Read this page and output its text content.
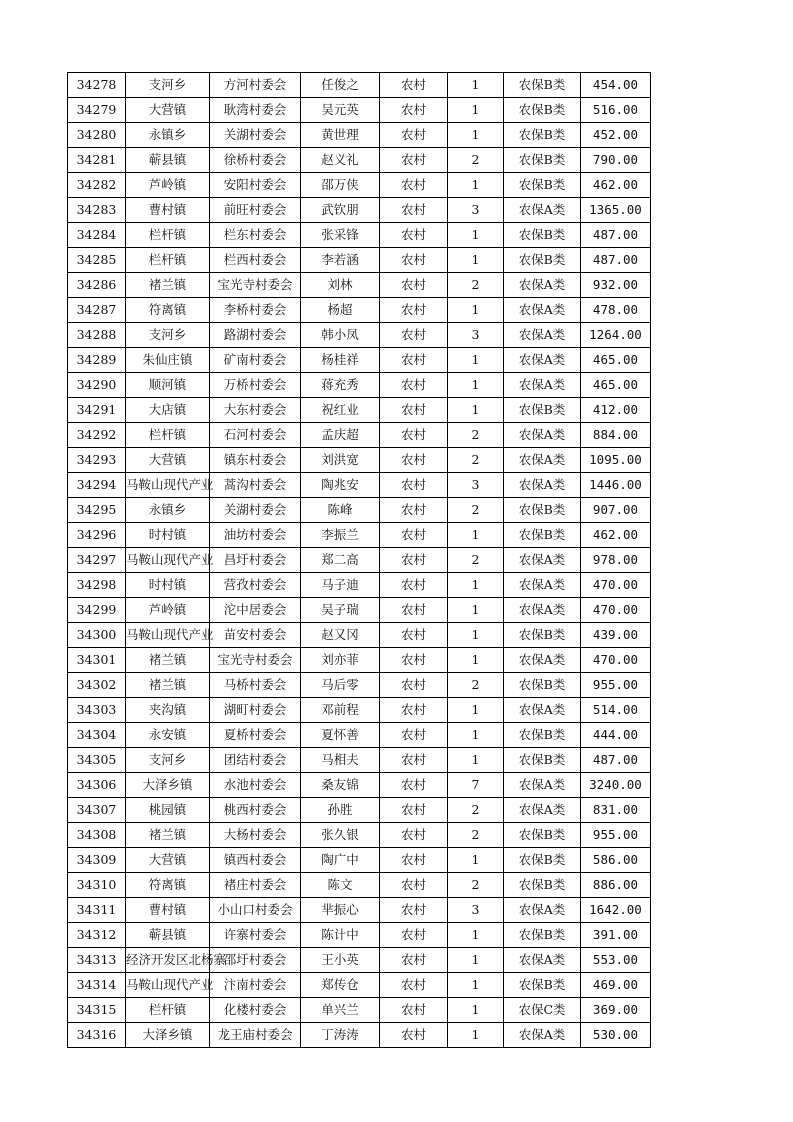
34278	支河乡	方河村委会	任俊之	农村	1	农保B类	454.00
34279	大营镇	耿湾村委会	吴元英	农村	1	农保B类	516.00
34280	永镇乡	关湖村委会	黄世理	农村	1	农保B类	452.00
34281	蕲县镇	徐桥村委会	赵义礼	农村	2	农保B类	790.00
34282	芦岭镇	安阳村委会	邵万侠	农村	1	农保B类	462.00
34283	曹村镇	前旺村委会	武钦朋	农村	3	农保A类	1365.00
34284	栏杆镇	栏东村委会	张采锋	农村	1	农保B类	487.00
34285	栏杆镇	栏西村委会	李若涵	农村	1	农保B类	487.00
34286	褚兰镇	宝光寺村委会	刘林	农村	2	农保A类	932.00
34287	符离镇	李桥村委会	杨超	农村	1	农保A类	478.00
34288	支河乡	路湖村委会	韩小凤	农村	3	农保A类	1264.00
34289	朱仙庄镇	矿南村委会	杨桂祥	农村	1	农保A类	465.00
34290	顺河镇	万桥村委会	蒋充秀	农村	1	农保A类	465.00
34291	大店镇	大东村委会	祝红业	农村	1	农保B类	412.00
34292	栏杆镇	石河村委会	孟庆超	农村	2	农保A类	884.00
34293	大营镇	镇东村委会	刘洪宽	农村	2	农保A类	1095.00
34294	马鞍山现代产业	蒿沟村委会	陶兆安	农村	3	农保A类	1446.00
34295	永镇乡	关湖村委会	陈峰	农村	2	农保B类	907.00
34296	时村镇	油坊村委会	李振兰	农村	1	农保B类	462.00
34297	马鞍山现代产业	昌圩村委会	郑二高	农村	2	农保A类	978.00
34298	时村镇	营孜村委会	马子迪	农村	1	农保A类	470.00
34299	芦岭镇	沱中居委会	吴子瑞	农村	1	农保A类	470.00
34300	马鞍山现代产业	苗安村委会	赵又冈	农村	1	农保B类	439.00
34301	褚兰镇	宝光寺村委会	刘亦菲	农村	1	农保A类	470.00
34302	褚兰镇	马桥村委会	马后零	农村	2	农保B类	955.00
34303	夹沟镇	湖町村委会	邓前程	农村	1	农保A类	514.00
34304	永安镇	夏桥村委会	夏怀善	农村	1	农保B类	444.00
34305	支河乡	团结村委会	马相夫	农村	1	农保B类	487.00
34306	大泽乡镇	水池村委会	桑友锦	农村	7	农保A类	3240.00
34307	桃园镇	桃西村委会	孙胜	农村	2	农保A类	831.00
34308	褚兰镇	大杨村委会	张久银	农村	2	农保B类	955.00
34309	大营镇	镇西村委会	陶广中	农村	1	农保B类	586.00
34310	符离镇	褚庄村委会	陈文	农村	2	农保B类	886.00
34311	曹村镇	小山口村委会	芈振心	农村	3	农保A类	1642.00
34312	蕲县镇	许寨村委会	陈计中	农村	1	农保B类	391.00
34313	经济开发区北杨寨	邵圩村委会	王小英	农村	1	农保A类	553.00
34314	马鞍山现代产业	汴南村委会	郑传仓	农村	1	农保B类	469.00
34315	栏杆镇	化楼村委会	单兴兰	农村	1	农保C类	369.00
34316	大泽乡镇	龙王庙村委会	丁涛涛	农村	1	农保A类	530.00
